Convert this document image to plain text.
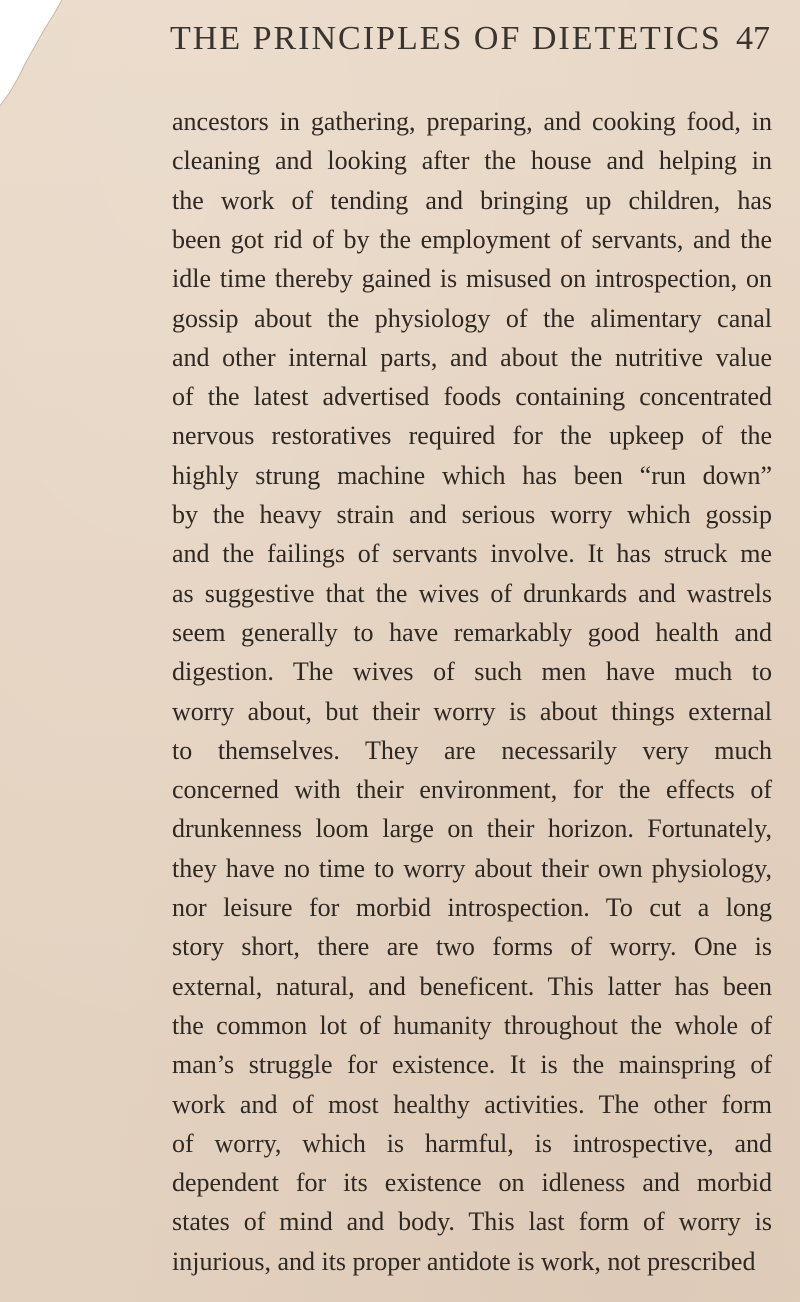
THE PRINCIPLES OF DIETETICS 47
ancestors in gathering, preparing, and cooking food, in
cleaning and looking after the house and helping in
the work of tending and bringing up children, has
been got rid of by the employment of servants, and the
idle time thereby gained is misused on introspection, on
gossip about the physiology of the alimentary canal
and other internal parts, and about the nutritive value
of the latest advertised foods containing concentrated
nervous restoratives required for the upkeep of the
highly strung machine which has been “run down”
by the heavy strain and serious worry which gossip
and the failings of servants involve. It has struck me
as suggestive that the wives of drunkards and wastrels
seem generally to have remarkably good health and
digestion. The wives of such men have much to
worry about, but their worry is about things external
to themselves. They are necessarily very much
concerned with their environment, for the effects of
drunkenness loom large on their horizon. Fortunately,
they have no time to worry about their own physiology,
nor leisure for morbid introspection. To cut a long
story short, there are two forms of worry. One is
external, natural, and beneficent. This latter has been
the common lot of humanity throughout the whole of
man’s struggle for existence. It is the mainspring of
work and of most healthy activities. The other form
of worry, which is harmful, is introspective, and
dependent for its existence on idleness and morbid
states of mind and body. This last form of worry is
injurious, and its proper antidote is work, not prescribed
